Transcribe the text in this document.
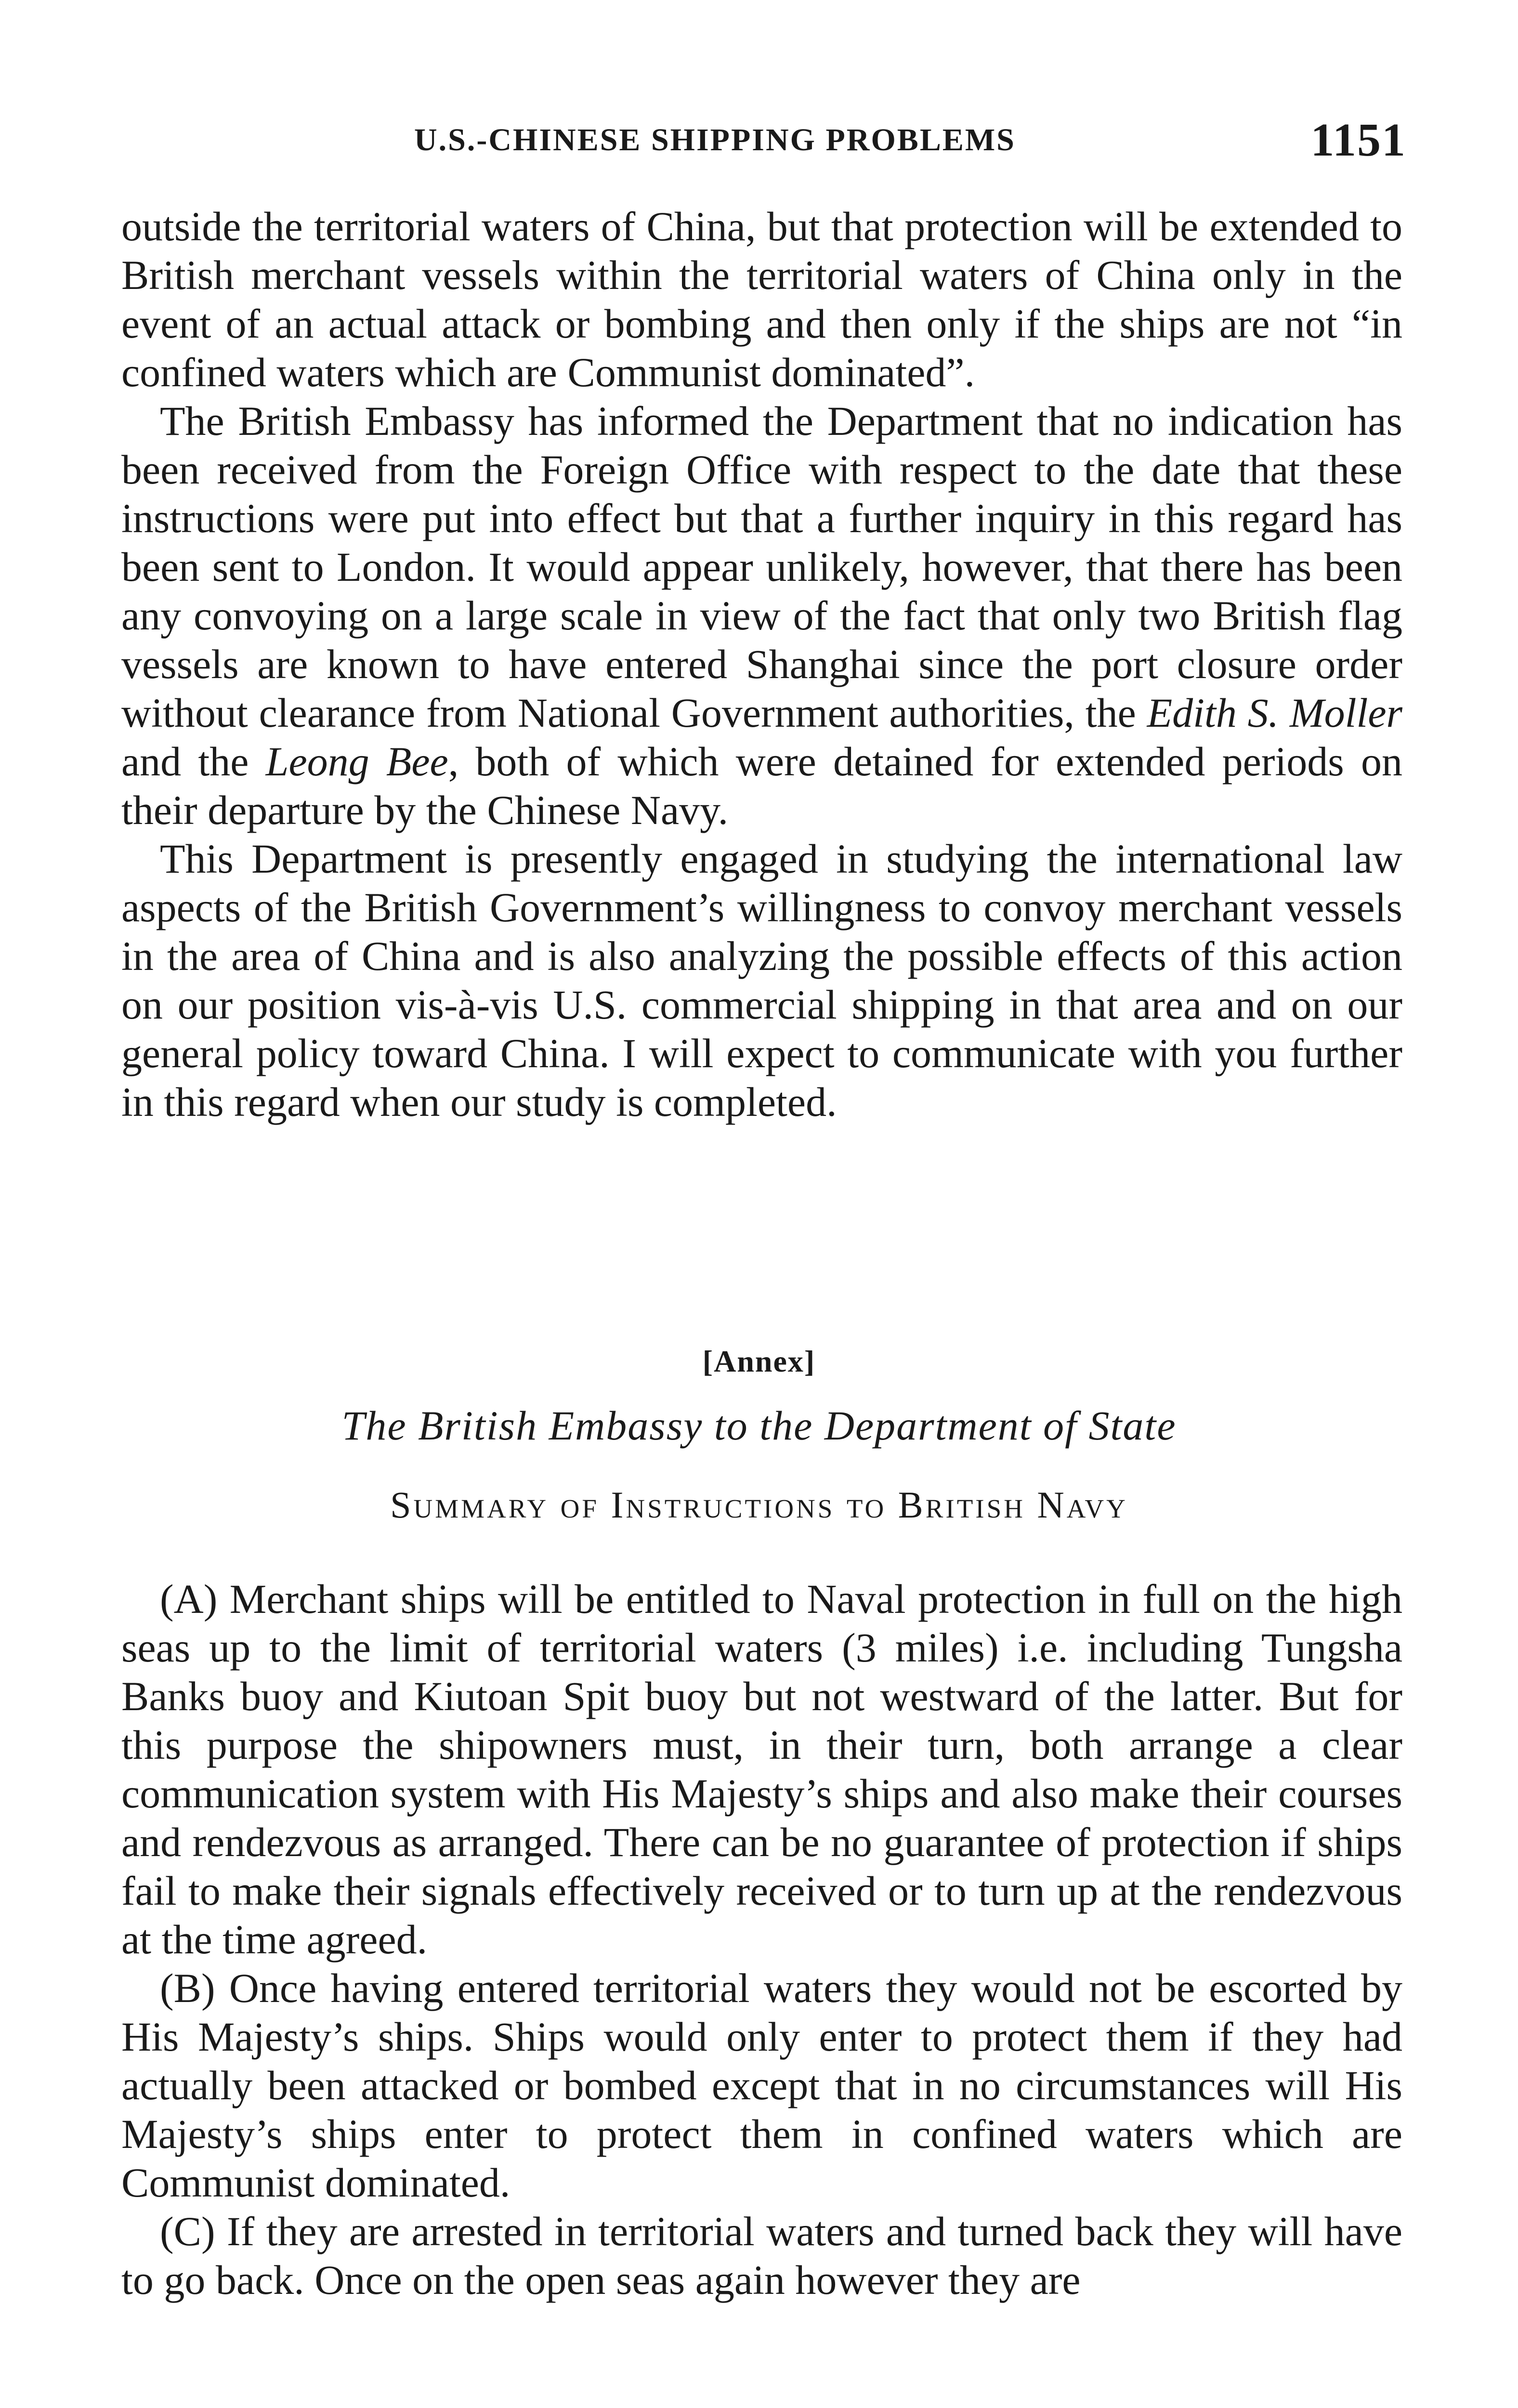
U.S.-CHINESE SHIPPING PROBLEMS	1151

outside the territorial waters of China, but that protection will be extended to British merchant vessels within the territorial waters of China only in the event of an actual attack or bombing and then only if the ships are not “in confined waters which are Communist dominated”.

The British Embassy has informed the Department that no indication has been received from the Foreign Office with respect to the date that these instructions were put into effect but that a further inquiry in this regard has been sent to London. It would appear unlikely, however, that there has been any convoying on a large scale in view of the fact that only two British flag vessels are known to have entered Shanghai since the port closure order without clearance from National Government authorities, the Edith S. Moller and the Leong Bee, both of which were detained for extended periods on their departure by the Chinese Navy.

This Department is presently engaged in studying the international law aspects of the British Government’s willingness to convoy merchant vessels in the area of China and is also analyzing the possible effects of this action on our position vis-à-vis U.S. commercial shipping in that area and on our general policy toward China. I will expect to communicate with you further in this regard when our study is completed.

[Annex]
The British Embassy to the Department of State
Summary of Instructions to British Navy

(A) Merchant ships will be entitled to Naval protection in full on the high seas up to the limit of territorial waters (3 miles) i.e. including Tungsha Banks buoy and Kiutoan Spit buoy but not westward of the latter. But for this purpose the shipowners must, in their turn, both arrange a clear communication system with His Majesty’s ships and also make their courses and rendezvous as arranged. There can be no guarantee of protection if ships fail to make their signals effectively received or to turn up at the rendezvous at the time agreed.

(B) Once having entered territorial waters they would not be escorted by His Majesty’s ships. Ships would only enter to protect them if they had actually been attacked or bombed except that in no circumstances will His Majesty’s ships enter to protect them in confined waters which are Communist dominated.

(C) If they are arrested in territorial waters and turned back they will have to go back. Once on the open seas again however they are
